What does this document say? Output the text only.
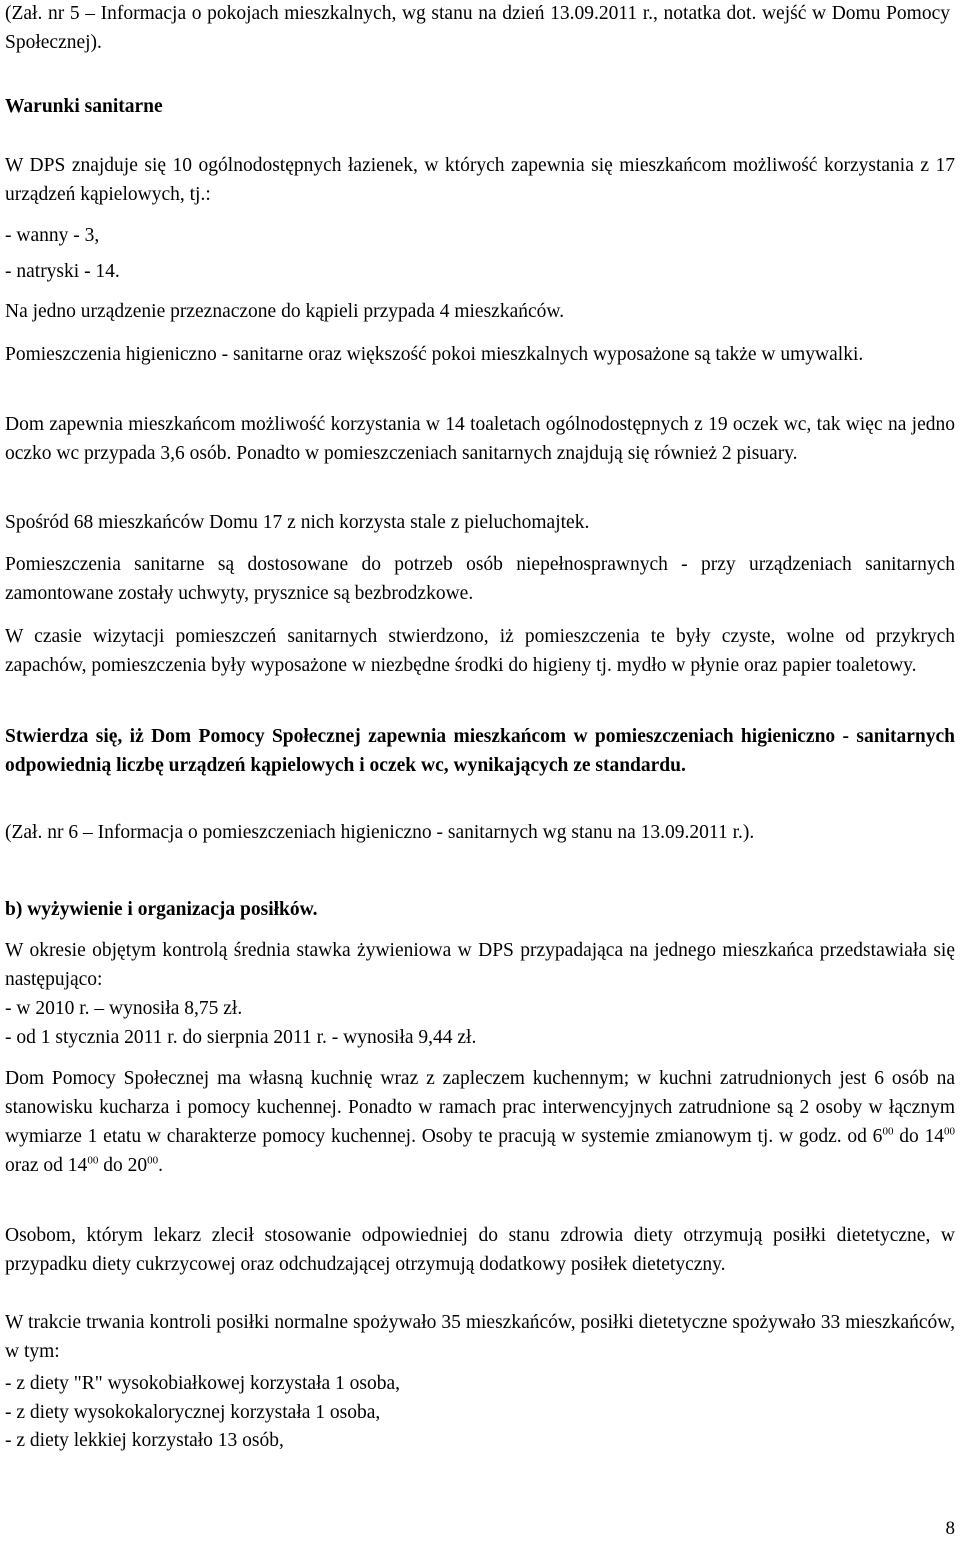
(Zał. nr 5 – Informacja o pokojach mieszkalnych, wg stanu na dzień 13.09.2011 r., notatka dot. wejść w Domu Pomocy Społecznej).

Warunki sanitarne

W DPS znajduje się 10 ogólnodostępnych łazienek, w których zapewnia się mieszkańcom możliwość korzystania z 17 urządzeń kąpielowych, tj.:

- wanny - 3,

- natryski - 14.

Na jedno urządzenie przeznaczone do kąpieli przypada 4 mieszkańców.

Pomieszczenia higieniczno - sanitarne oraz większość pokoi mieszkalnych wyposażone są także w umywalki.

Dom zapewnia mieszkańcom możliwość korzystania w 14 toaletach ogólnodostępnych z 19 oczek wc, tak więc na jedno oczko wc przypada 3,6 osób. Ponadto w pomieszczeniach sanitarnych znajdują się również 2 pisuary.

Spośród 68 mieszkańców Domu 17 z nich korzysta stale z pieluchomajtek.

Pomieszczenia sanitarne są dostosowane do potrzeb osób niepełnosprawnych - przy urządzeniach sanitarnych zamontowane zostały uchwyty, prysznice są bezbrodzkowe.

W czasie wizytacji pomieszczeń sanitarnych stwierdzono, iż pomieszczenia te były czyste, wolne od przykrych zapachów, pomieszczenia były wyposażone w niezbędne środki do higieny tj. mydło w płynie oraz papier toaletowy.

Stwierdza się, iż Dom Pomocy Społecznej zapewnia mieszkańcom w pomieszczeniach higieniczno - sanitarnych odpowiednią liczbę urządzeń kąpielowych i oczek wc, wynikających ze standardu.

(Zał. nr 6 – Informacja o pomieszczeniach higieniczno - sanitarnych wg stanu na 13.09.2011 r.).

b) wyżywienie i organizacja posiłków.

W okresie objętym kontrolą średnia stawka żywieniowa w DPS przypadająca na jednego mieszkańca przedstawiała się następująco:

- w 2010 r. – wynosiła 8,75 zł.

- od 1 stycznia 2011 r. do sierpnia 2011 r. - wynosiła 9,44 zł.

Dom Pomocy Społecznej ma własną kuchnię wraz z zapleczem kuchennym; w kuchni zatrudnionych jest 6 osób na stanowisku kucharza i pomocy kuchennej. Ponadto w ramach prac interwencyjnych zatrudnione są 2 osoby w łącznym wymiarze 1 etatu w charakterze pomocy kuchennej. Osoby te pracują w systemie zmianowym tj. w godz. od $6^{00}$ do $14^{00}$ oraz od $14^{00}$ do $20^{00}$.

Osobom, którym lekarz zlecił stosowanie odpowiedniej do stanu zdrowia diety otrzymują posiłki dietetyczne, w przypadku diety cukrzycowej oraz odchudzającej otrzymują dodatkowy posiłek dietetyczny.

W trakcie trwania kontroli posiłki normalne spożywało 35 mieszkańców, posiłki dietetyczne spożywało 33 mieszkańców, w tym:

- z diety "R" wysokobiałkowej korzystała 1 osoba,

- z diety wysokokalorycznej korzystała 1 osoba,

- z diety lekkiej korzystało 13 osób,

8
